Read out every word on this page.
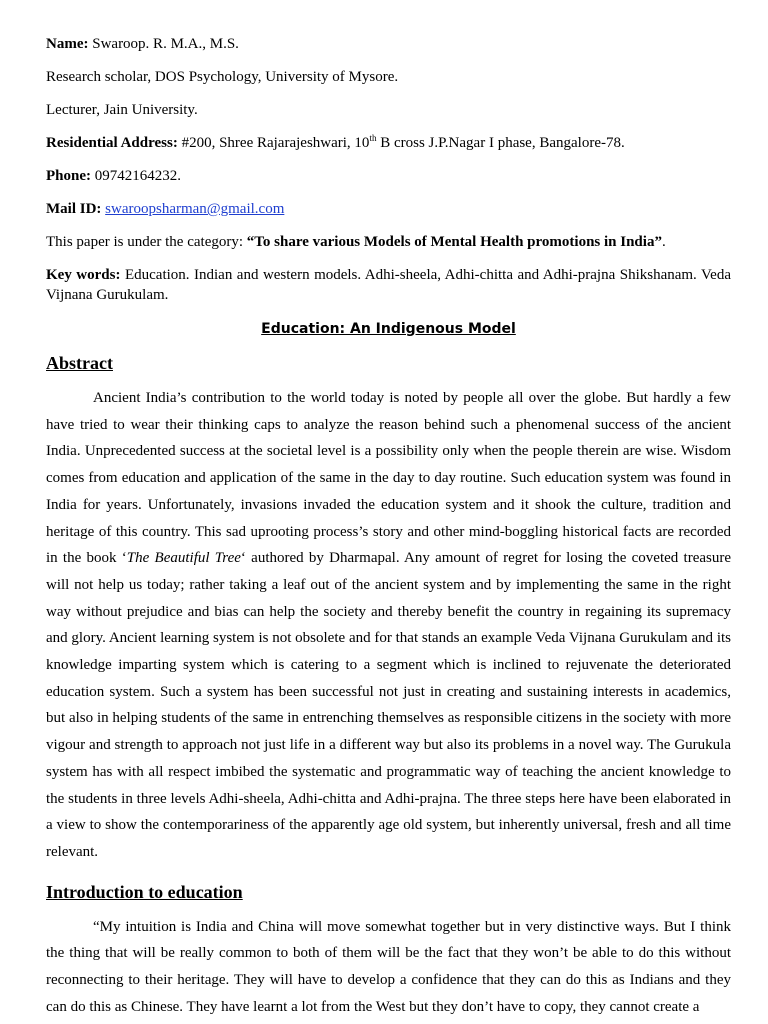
Name: Swaroop. R. M.A., M.S.

Research scholar, DOS Psychology, University of Mysore.

Lecturer, Jain University.

Residential Address: #200, Shree Rajarajeshwari, 10th B cross J.P.Nagar I phase, Bangalore-78.

Phone: 09742164232.

Mail ID: swaroopsharman@gmail.com

This paper is under the category: “To share various Models of Mental Health promotions in India”.

Key words: Education. Indian and western models. Adhi-sheela, Adhi-chitta and Adhi-prajna Shikshanam. Veda Vijnana Gurukulam.

Education: An Indigenous Model
Abstract

Ancient India’s contribution to the world today is noted by people all over the globe. But hardly a few have tried to wear their thinking caps to analyze the reason behind such a phenomenal success of the ancient India. Unprecedented success at the societal level is a possibility only when the people therein are wise. Wisdom comes from education and application of the same in the day to day routine. Such education system was found in India for years. Unfortunately, invasions invaded the education system and it shook the culture, tradition and heritage of this country. This sad uprooting process’s story and other mind-boggling historical facts are recorded in the book ‘The Beautiful Tree‘ authored by Dharmapal. Any amount of regret for losing the coveted treasure will not help us today; rather taking a leaf out of the ancient system and by implementing the same in the right way without prejudice and bias can help the society and thereby benefit the country in regaining its supremacy and glory. Ancient learning system is not obsolete and for that stands an example Veda Vijnana Gurukulam and its knowledge imparting system which is catering to a segment which is inclined to rejuvenate the deteriorated education system. Such a system has been successful not just in creating and sustaining interests in academics, but also in helping students of the same in entrenching themselves as responsible citizens in the society with more vigour and strength to approach not just life in a different way but also its problems in a novel way. The Gurukula system has with all respect imbibed the systematic and programmatic way of teaching the ancient knowledge to the students in three levels Adhi-sheela, Adhi-chitta and Adhi-prajna. The three steps here have been elaborated in a view to show the contemporariness of the apparently age old system, but inherently universal, fresh and all time relevant.

Introduction to education

“My intuition is India and China will move somewhat together but in very distinctive ways. But I think the thing that will be really common to both of them will be the fact that they won’t be able to do this without reconnecting to their heritage. They will have to develop a confidence that they can do this as Indians and they can do this as Chinese. They have learnt a lot from the West but they don’t have to copy, they cannot create a
